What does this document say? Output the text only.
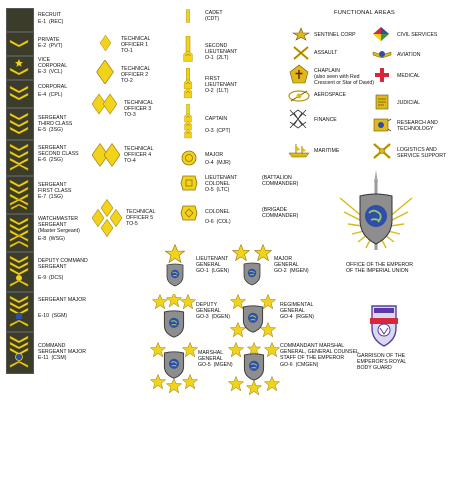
RECRUIT
E-1  (REC)
PRIVATE
E-2  (PVT)
VICE
CORPORAL
E-3  (VCL)
CORPORAL
E-4  (CPL)
SERGEANT
THIRD CLASS
E-5  (3SG)
SERGEANT
SECOND CLASS
E-6  (2SG)
SERGEANT
FIRST CLASS
E-7  (1SG)
WATCHMASTER
SERGEANT
(Master Sergeant)
E-8  (WSG)
DEPUTY COMMAND
SERGEANT
E-9  (DCS)
SERGEANT MAJOR
E-10  (SGM)
COMMAND
SERGEANT MAJOR
E-11  (CSM)
TECHNICAL
OFFICER 1
TO-1
TECHNICAL
OFFICER 2
TO-2
TECHNICAL
OFFICER 3
TO-3
TECHNICAL
OFFICER 4
TO-4
TECHNICAL
OFFICER 5
TO-5
CADET
(CDT)
SECOND
LIEUTENANT
O-1  (2LT)
FIRST
LIEUTENANT
O-2  (1LT)
CAPTAIN
O-3  (CPT)
MAJOR
O-4  (MJR)
LIEUTENANT
COLONEL
O-5  (LTC)
(BATTALION
COMMANDER)
COLONEL
O-6  (COL)
(BRIGADE
COMMANDER)
LIEUTENANT
GENERAL
GO-1  (LGEN)
MAJOR
GENERAL
GO-2  (MGEN)
DEPUTY
GENERAL
GO-3  (DGEN)
REGIMENTAL
GENERAL
GO-4  (RGEN)
MARSHAL
GENERAL
GO-5  (MGEN)
COMMANDANT MARSHAL
GENERAL, GENERAL COUNSEL
STAFF OF THE EMPEROR
GO-6  (CMGEN)
FUNCTIONAL AREAS
SENTINEL CORP
ASSAULT
CHAPLAIN
(also seen with Red
Crescent or Star of David)
AEROSPACE
FINANCE
MARITIME
CIVIL SERVICES
AVIATION
MEDICAL
JUDICIAL
RESEARCH AND
TECHNOLOGY
LOGISTICS AND
SERVICE SUPPORT
OFFICE OF THE EMPEROR
OF THE IMPERIAL UNION
GARRISON OF THE
EMPEROR'S ROYAL
BODY GUARD
